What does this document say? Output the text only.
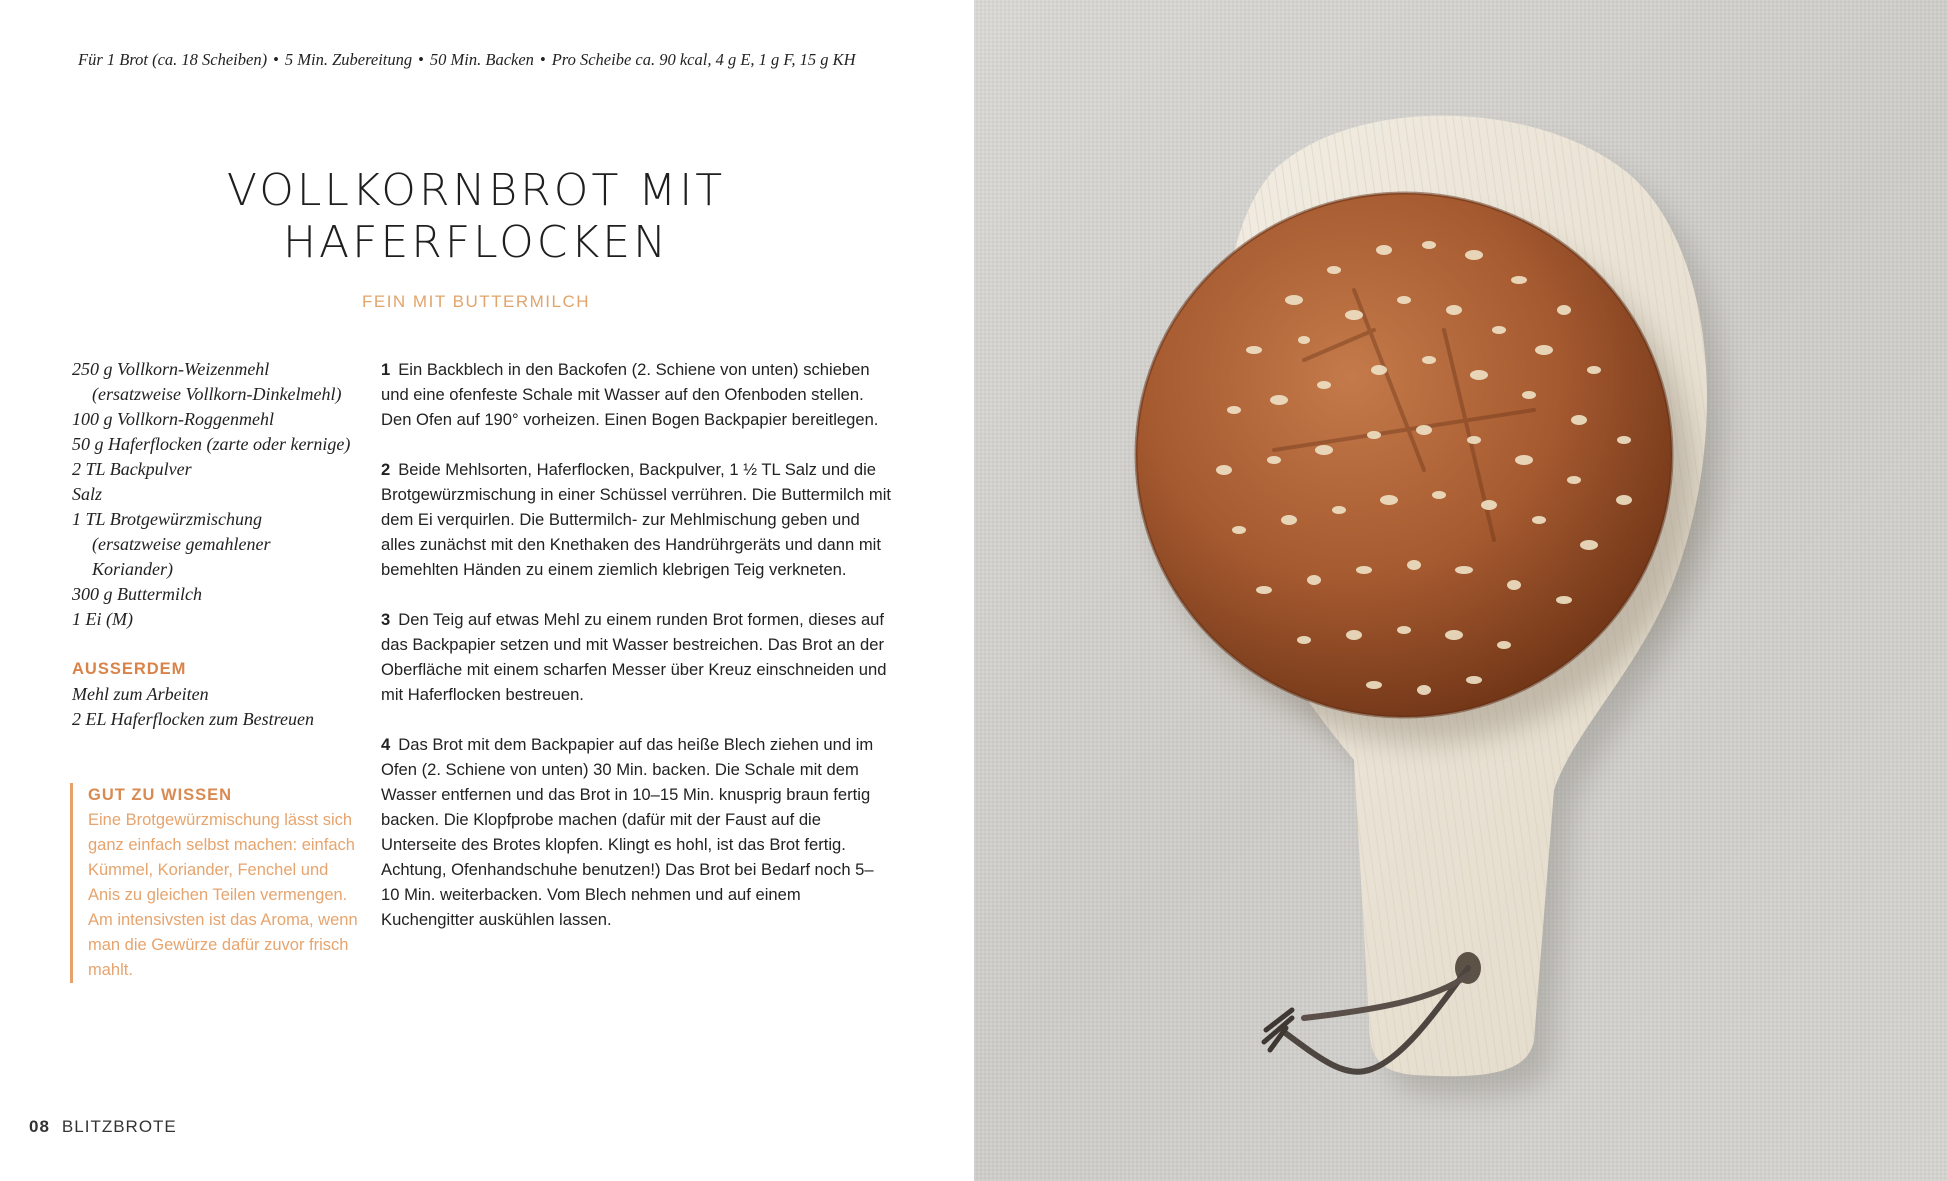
Für 1 Brot (ca. 18 Scheiben) • 5 Min. Zubereitung • 50 Min. Backen • Pro Scheibe ca. 90 kcal, 4 g E, 1 g F, 15 g KH
VOLLKORNBROT MIT
HAFERFLOCKEN
FEIN MIT BUTTERMILCH
250 g Vollkorn-Weizenmehl (ersatzweise Vollkorn-Dinkelmehl)
100 g Vollkorn-Roggenmehl
50 g Haferflocken (zarte oder kernige)
2 TL Backpulver
Salz
1 TL Brotgewürzmischung (ersatzweise gemahlener Koriander)
300 g Buttermilch
1 Ei (M)
AUSSERDEM
Mehl zum Arbeiten
2 EL Haferflocken zum Bestreuen
GUT ZU WISSEN
Eine Brotgewürzmischung lässt sich ganz einfach selbst machen: einfach Kümmel, Koriander, Fenchel und Anis zu gleichen Teilen vermengen. Am intensivsten ist das Aroma, wenn man die Gewürze dafür zuvor frisch mahlt.
1 Ein Backblech in den Backofen (2. Schiene von unten) schieben und eine ofenfeste Schale mit Wasser auf den Ofenboden stellen. Den Ofen auf 190° vorheizen. Einen Bogen Backpapier bereitlegen.
2 Beide Mehlsorten, Haferflocken, Backpulver, 1 ½ TL Salz und die Brotgewürzmischung in einer Schüssel verrühren. Die Buttermilch mit dem Ei verquirlen. Die Buttermilch- zur Mehlmischung geben und alles zunächst mit den Knethaken des Handrührgeräts und dann mit bemehlten Händen zu einem ziemlich klebrigen Teig verkneten.
3 Den Teig auf etwas Mehl zu einem runden Brot formen, dieses auf das Backpapier setzen und mit Wasser bestreichen. Das Brot an der Oberfläche mit einem scharfen Messer über Kreuz einschneiden und mit Haferflocken bestreuen.
4 Das Brot mit dem Backpapier auf das heiße Blech ziehen und im Ofen (2. Schiene von unten) 30 Min. backen. Die Schale mit dem Wasser entfernen und das Brot in 10–15 Min. knusprig braun fertig backen. Die Klopfprobe machen (dafür mit der Faust auf die Unterseite des Brotes klopfen. Klingt es hohl, ist das Brot fertig. Achtung, Ofenhandschuhe benutzen!) Das Brot bei Bedarf noch 5–10 Min. weiterbacken. Vom Blech nehmen und auf einem Kuchengitter auskühlen lassen.
08 BLITZBROTE
